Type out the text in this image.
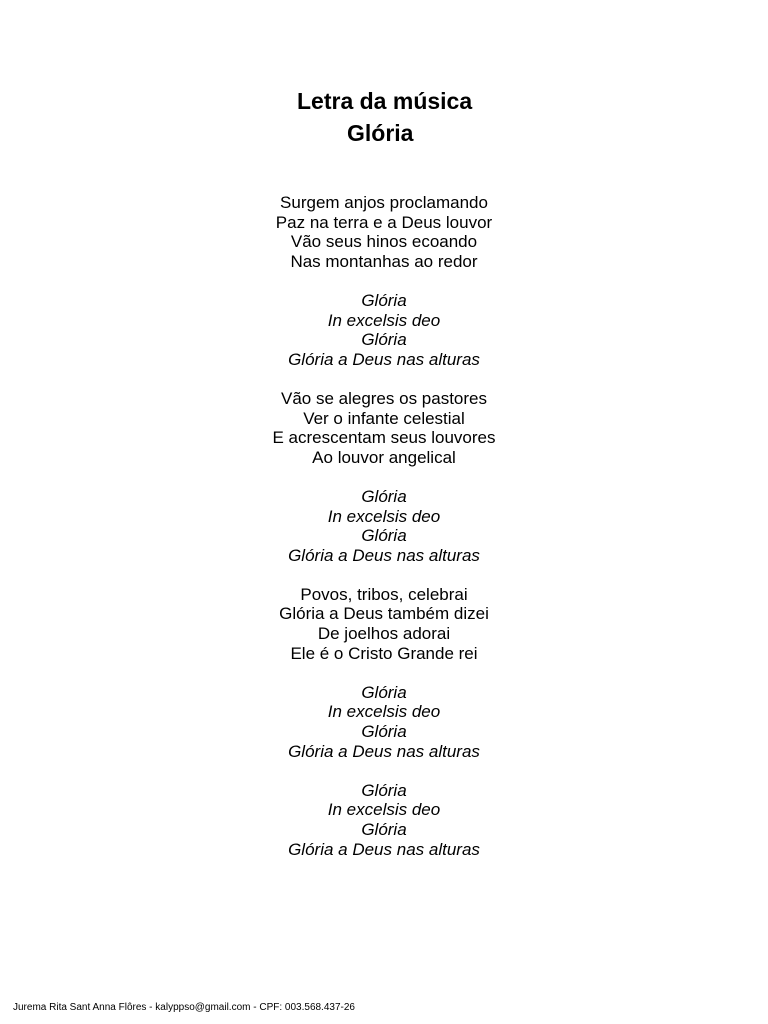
Letra da música
Glória
Surgem anjos proclamando
Paz na terra e a Deus louvor
Vão seus hinos ecoando
Nas montanhas ao redor
Glória
In excelsis deo
Glória
Glória a Deus nas alturas
Vão se alegres os pastores
Ver o infante celestial
E acrescentam seus louvores
Ao louvor angelical
Glória
In excelsis deo
Glória
Glória a Deus nas alturas
Povos, tribos, celebrai
Glória a Deus também dizei
De joelhos adorai
Ele é o Cristo Grande rei
Glória
In excelsis deo
Glória
Glória a Deus nas alturas
Glória
In excelsis deo
Glória
Glória a Deus nas alturas
Jurema Rita Sant Anna Flôres - kalyppso@gmail.com - CPF: 003.568.437-26
